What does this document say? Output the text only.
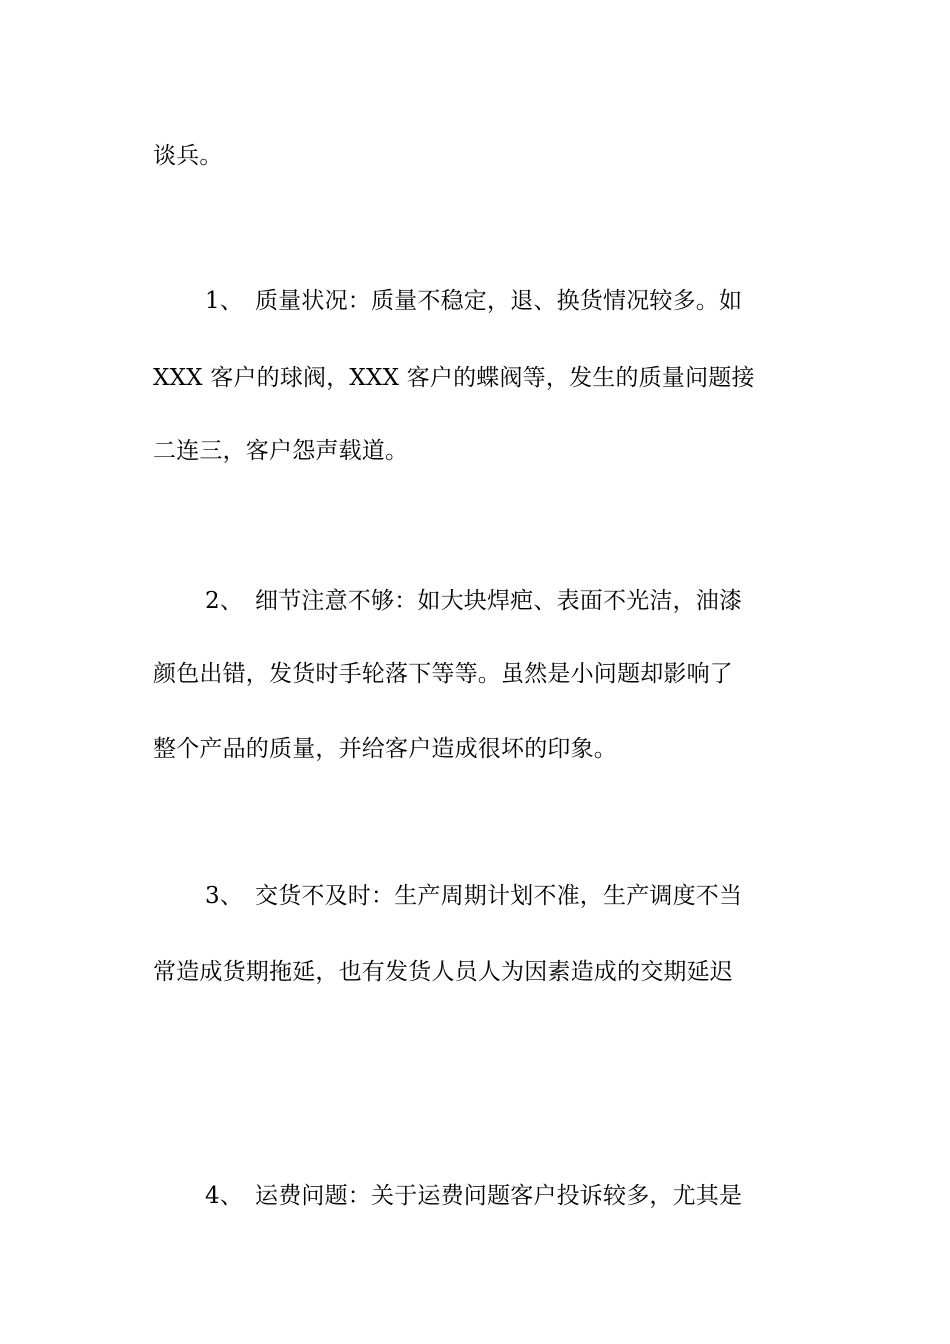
谈兵。
1、 质量状况：质量不稳定，退、换货情况较多。如
XXX 客户的球阀，XXX 客户的蝶阀等，发生的质量问题接
二连三，客户怨声载道。
2、 细节注意不够：如大块焊疤、表面不光洁，油漆
颜色出错，发货时手轮落下等等。虽然是小问题却影响了
整个产品的质量，并给客户造成很坏的印象。
3、 交货不及时：生产周期计划不准，生产调度不当
常造成货期拖延，也有发货人员人为因素造成的交期延迟
4、 运费问题：关于运费问题客户投诉较多，尤其是
